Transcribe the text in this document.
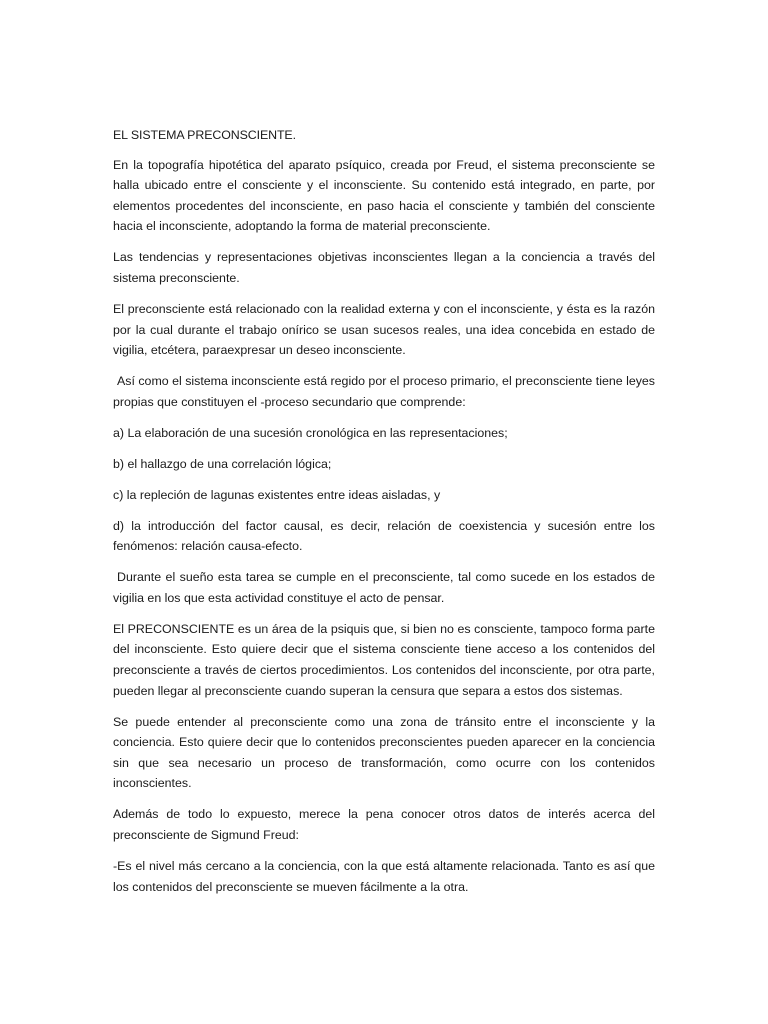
EL SISTEMA PRECONSCIENTE.

En la topografía hipotética del aparato psíquico, creada por Freud, el sistema preconsciente se halla ubicado entre el consciente y el inconsciente. Su contenido está integrado, en parte, por elementos procedentes del inconsciente, en paso hacia el consciente y también del consciente hacia el inconsciente, adoptando la forma de material preconsciente.

Las tendencias y representaciones objetivas inconscientes llegan a la conciencia a través del sistema preconsciente.

El preconsciente está relacionado con la realidad externa y con el inconsciente, y ésta es la razón por la cual durante el trabajo onírico se usan sucesos reales, una idea concebida en estado de vigilia, etcétera, paraexpresar un deseo inconsciente.

Así como el sistema inconsciente está regido por el proceso primario, el preconsciente tiene leyes propias que constituyen el -proceso secundario que comprende:

a) La elaboración de una sucesión cronológica en las representaciones;

b) el hallazgo de una correlación lógica;

c) la repleción de lagunas existentes entre ideas aisladas, y

d) la introducción del factor causal, es decir, relación de coexistencia y sucesión entre los fenómenos: relación causa-efecto.

Durante el sueño esta tarea se cumple en el preconsciente, tal como sucede en los estados de vigilia en los que esta actividad constituye el acto de pensar.

El PRECONSCIENTE es un área de la psiquis que, si bien no es consciente, tampoco forma parte del inconsciente. Esto quiere decir que el sistema consciente tiene acceso a los contenidos del preconsciente a través de ciertos procedimientos. Los contenidos del inconsciente, por otra parte, pueden llegar al preconsciente cuando superan la censura que separa a estos dos sistemas.

Se puede entender al preconsciente como una zona de tránsito entre el inconsciente y la conciencia. Esto quiere decir que lo contenidos preconscientes pueden aparecer en la conciencia sin que sea necesario un proceso de transformación, como ocurre con los contenidos inconscientes.

Además de todo lo expuesto, merece la pena conocer otros datos de interés acerca del preconsciente de Sigmund Freud:

-Es el nivel más cercano a la conciencia, con la que está altamente relacionada. Tanto es así que los contenidos del preconsciente se mueven fácilmente a la otra.
